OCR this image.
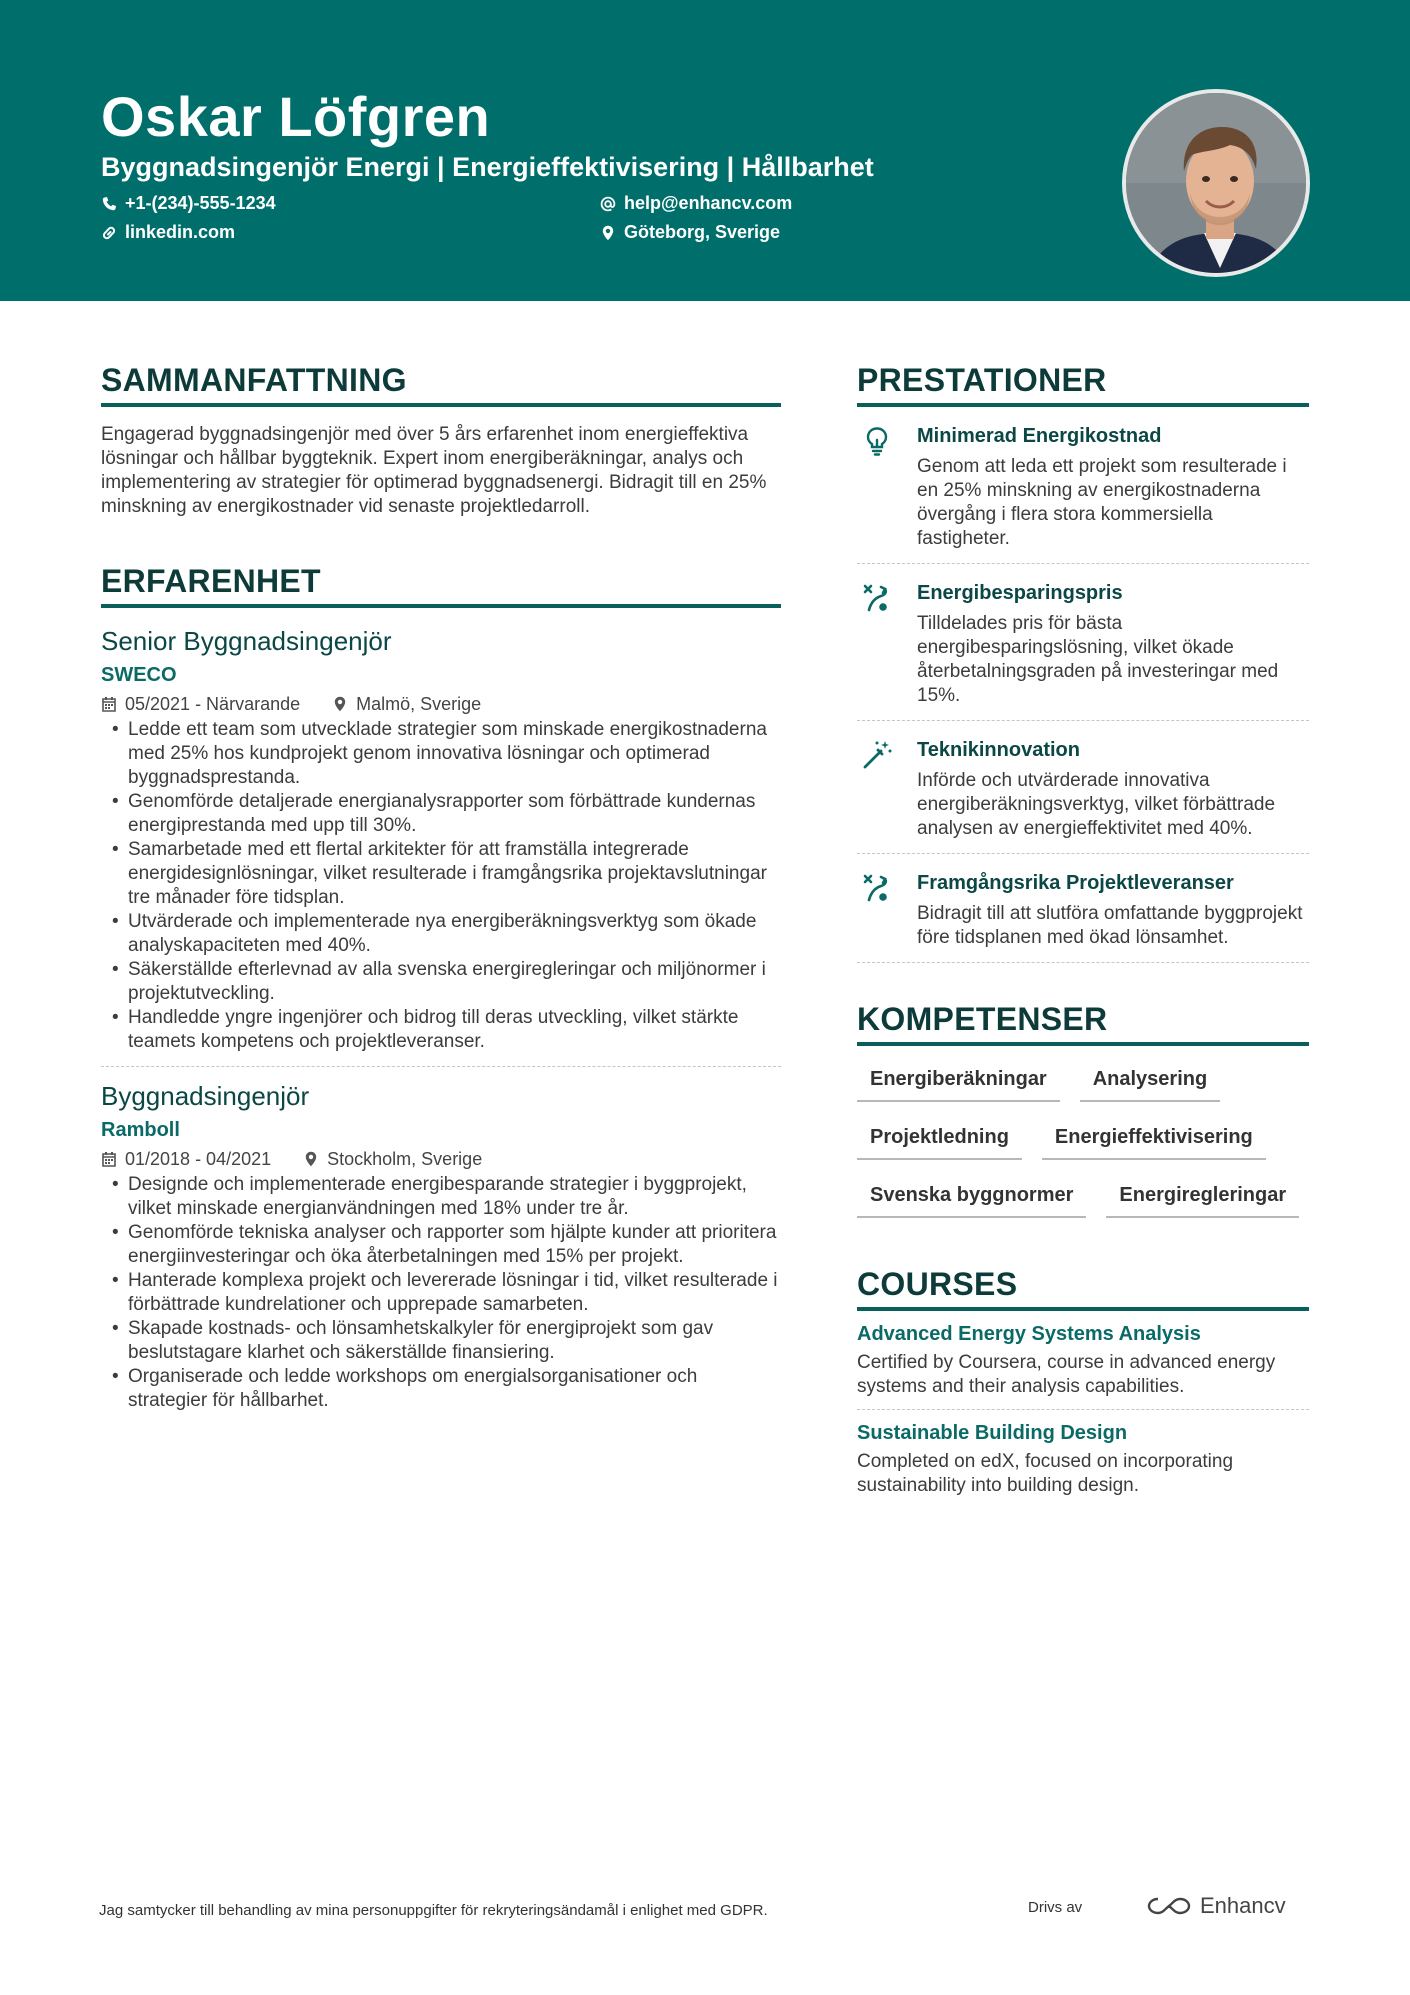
Oskar Löfgren
Byggnadsingenjör Energi | Energieffektivisering | Hållbarhet
+1-(234)-555-1234
linkedin.com
help@enhancv.com
Göteborg, Sverige
SAMMANFATTNING
Engagerad byggnadsingenjör med över 5 års erfarenhet inom energieffektiva lösningar och hållbar byggteknik. Expert inom energiberäkningar, analys och implementering av strategier för optimerad byggnadsenergi. Bidragit till en 25% minskning av energikostnader vid senaste projektledarroll.
ERFARENHET
Senior Byggnadsingenjör
SWECO
05/2021 - Närvarande	Malmö, Sverige
• Ledde ett team som utvecklade strategier som minskade energikostnaderna med 25% hos kundprojekt genom innovativa lösningar och optimerad byggnadsprestanda.
• Genomförde detaljerade energianalysrapporter som förbättrade kundernas energiprestanda med upp till 30%.
• Samarbetade med ett flertal arkitekter för att framställa integrerade energidesignlösningar, vilket resulterade i framgångsrika projektavslutningar tre månader före tidsplan.
• Utvärderade och implementerade nya energiberäkningsverktyg som ökade analyskapaciteten med 40%.
• Säkerställde efterlevnad av alla svenska energiregleringar och miljönormer i projektutveckling.
• Handledde yngre ingenjörer och bidrog till deras utveckling, vilket stärkte teamets kompetens och projektleveranser.
Byggnadsingenjör
Ramboll
01/2018 - 04/2021	Stockholm, Sverige
• Designde och implementerade energibesparande strategier i byggprojekt, vilket minskade energianvändningen med 18% under tre år.
• Genomförde tekniska analyser och rapporter som hjälpte kunder att prioritera energiinvesteringar och öka återbetalningen med 15% per projekt.
• Hanterade komplexa projekt och levererade lösningar i tid, vilket resulterade i förbättrade kundrelationer och upprepade samarbeten.
• Skapade kostnads- och lönsamhetskalkyler för energiprojekt som gav beslutstagare klarhet och säkerställde finansiering.
• Organiserade och ledde workshops om energialsorganisationer och strategier för hållbarhet.
PRESTATIONER
Minimerad Energikostnad
Genom att leda ett projekt som resulterade i en 25% minskning av energikostnaderna övergång i flera stora kommersiella fastigheter.
Energibesparingspris
Tilldelades pris för bästa energibesparingslösning, vilket ökade återbetalningsgraden på investeringar med 15%.
Teknikinnovation
Införde och utvärderade innovativa energiberäkningsverktyg, vilket förbättrade analysen av energieffektivitet med 40%.
Framgångsrika Projektleveranser
Bidragit till att slutföra omfattande byggprojekt före tidsplanen med ökad lönsamhet.
KOMPETENSER
Energiberäkningar	Analysering
Projektledning	Energieffektivisering
Svenska byggnormer	Energiregleringar
COURSES
Advanced Energy Systems Analysis
Certified by Coursera, course in advanced energy systems and their analysis capabilities.
Sustainable Building Design
Completed on edX, focused on incorporating sustainability into building design.
Jag samtycker till behandling av mina personuppgifter för rekryteringsändamål i enlighet med GDPR.	Drivs av	Enhancv
